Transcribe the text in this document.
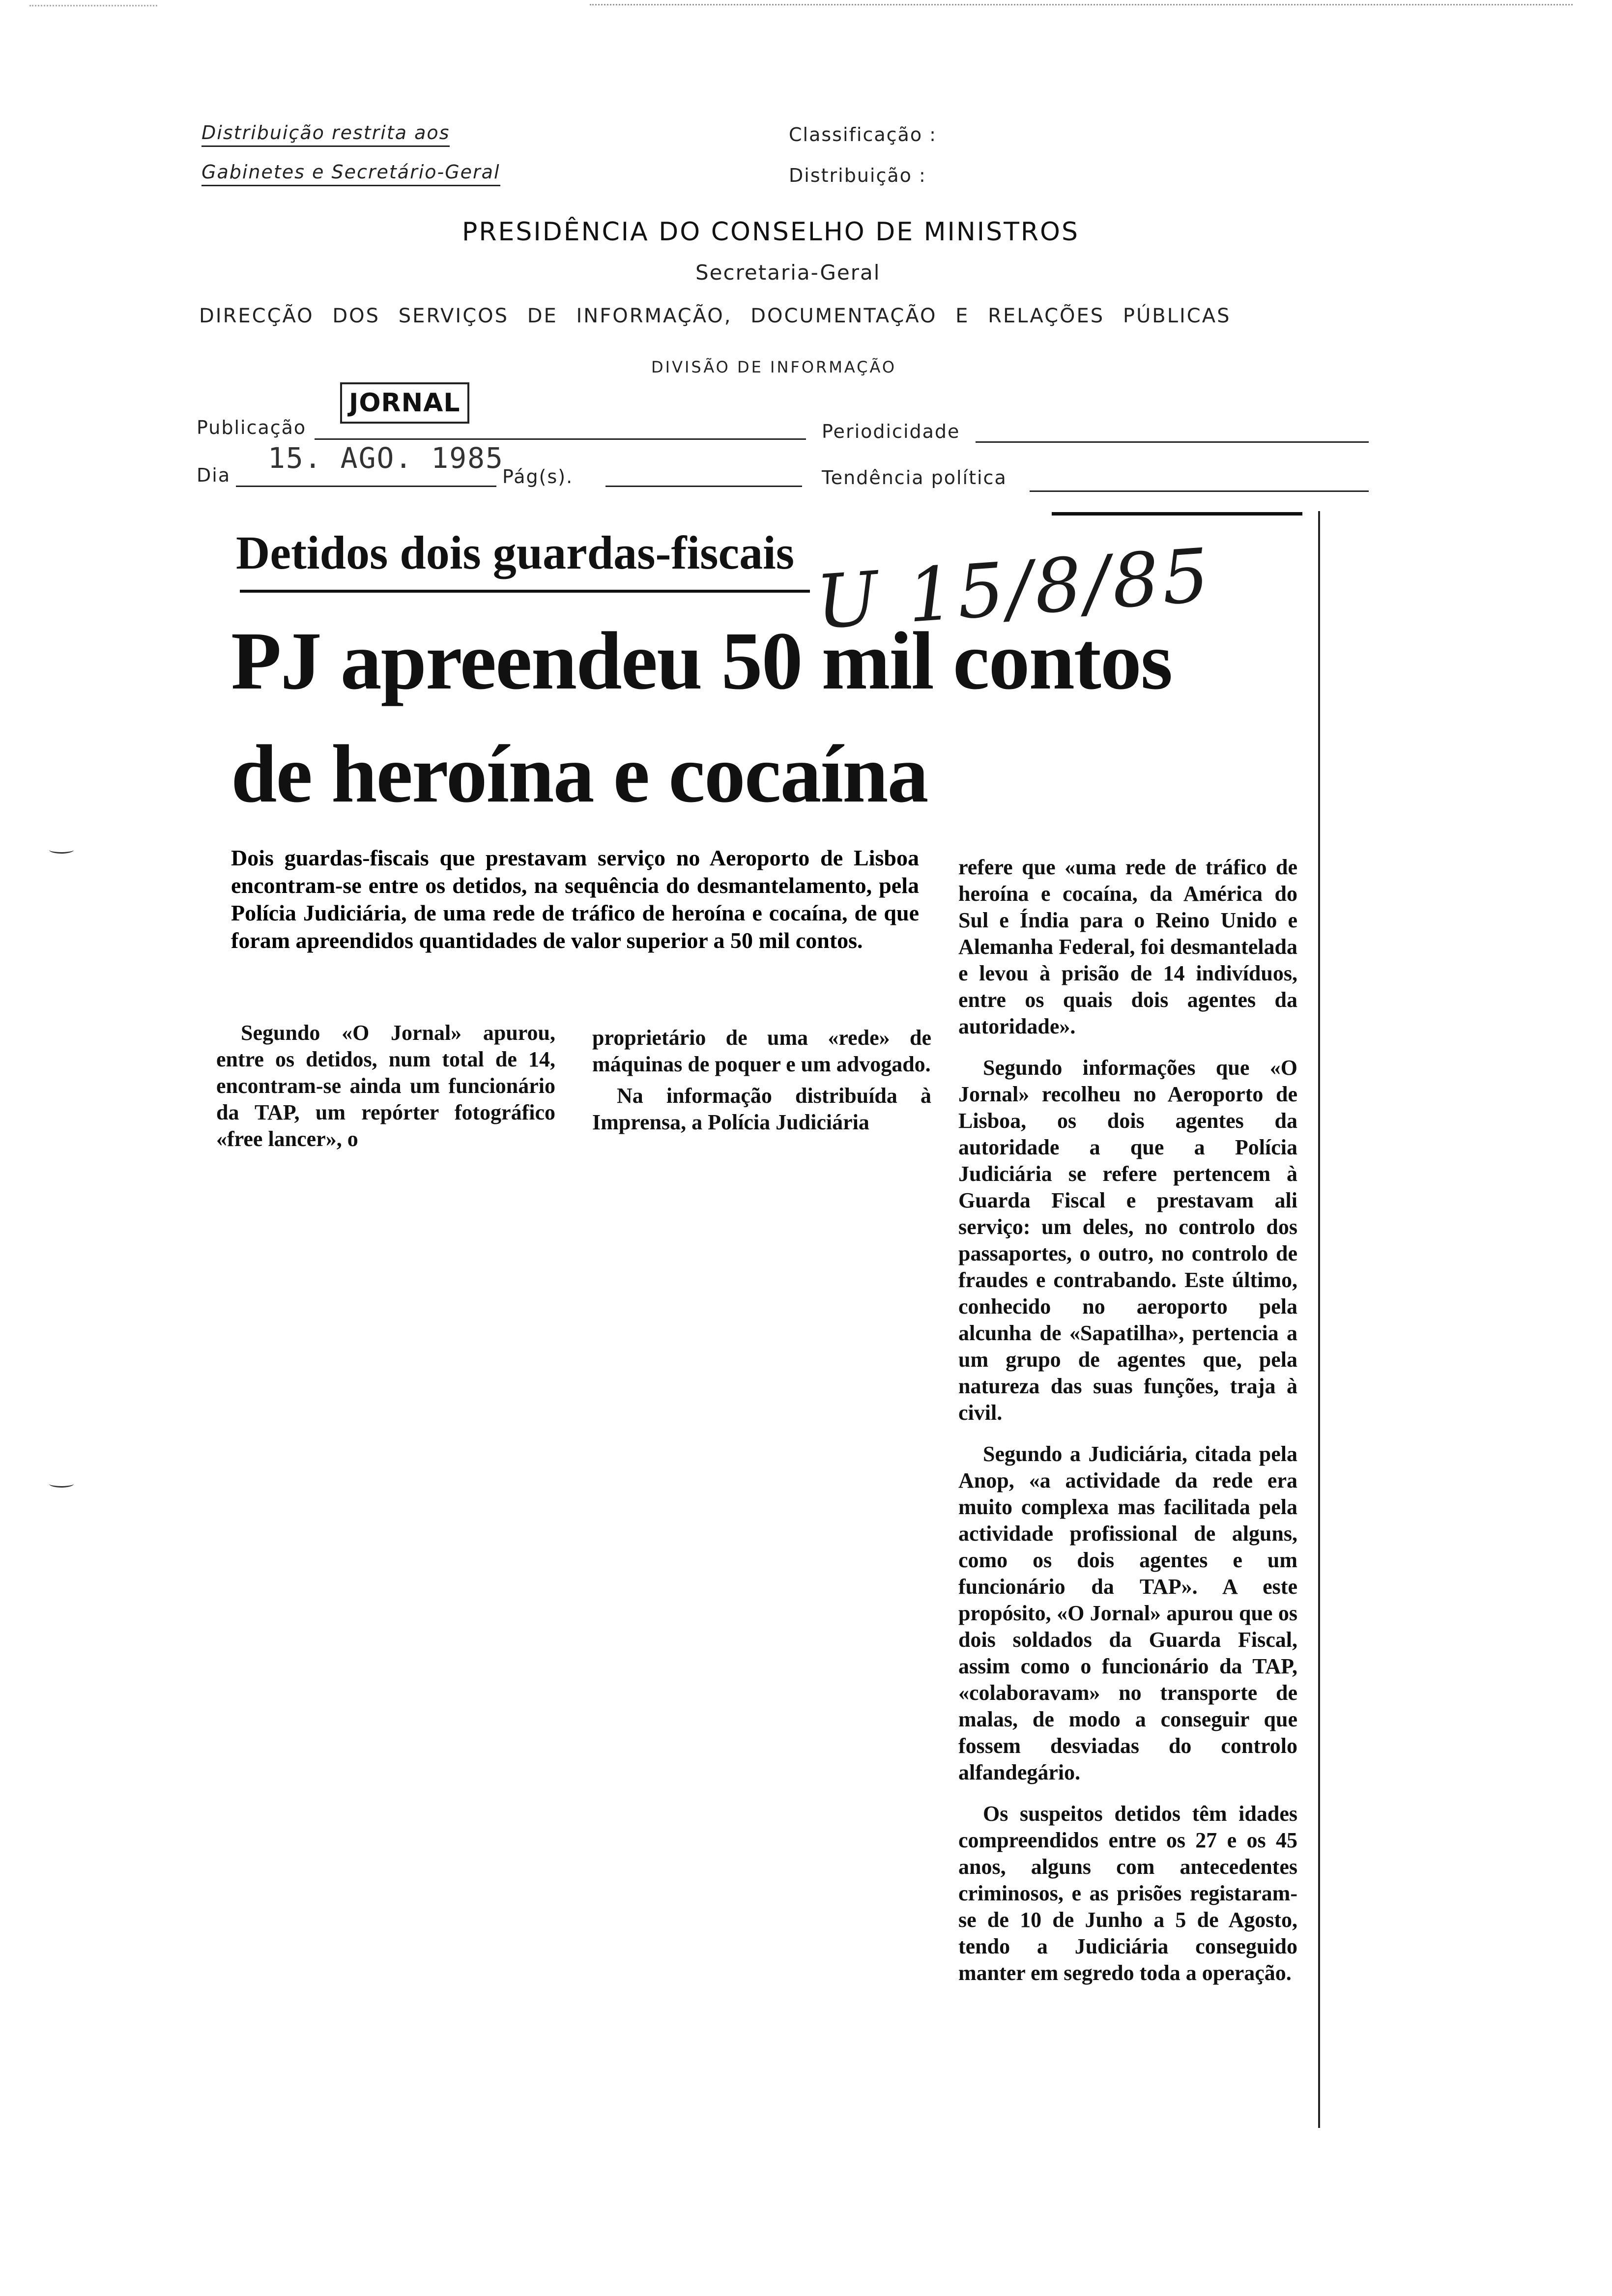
Distribuição restrita aos
Gabinetes e Secretário-Geral
Classificação :
Distribuição :
PRESIDÊNCIA DO CONSELHO DE MINISTROS
Secretaria-Geral
DIRECÇÃO DOS SERVIÇOS DE INFORMAÇÃO, DOCUMENTAÇÃO E RELAÇÕES PÚBLICAS
DIVISÃO DE INFORMAÇÃO
Publicação
JORNAL
Periodicidade
Dia
15. AGO. 1985
Pág(s).	Tendência política
U 15/8/85
Detidos dois guardas-fiscais
PJ apreendeu 50 mil contos
de heroína e cocaína
Dois guardas-fiscais que prestavam serviço no Aeroporto de Lisboa encontram-se entre os detidos, na sequência do desmantelamento, pela Polícia Judiciária, de uma rede de tráfico de heroína e cocaína, de que foram apreendidos quantidades de valor superior a 50 mil contos.

Segundo «O Jornal» apurou, entre os detidos, num total de 14, encontram-se ainda um funcionário da TAP, um repórter fotográfico «free lancer», o

proprietário de uma «rede» de máquinas de poquer e um advogado.

Na informação distribuída à Imprensa, a Polícia Judiciária

refere que «uma rede de tráfico de heroína e cocaína, da América do Sul e Índia para o Reino Unido e Alemanha Federal, foi desmantelada e levou à prisão de 14 indivíduos, entre os quais dois agentes da autoridade».

Segundo informações que «O Jornal» recolheu no Aeroporto de Lisboa, os dois agentes da autoridade a que a Polícia Judiciária se refere pertencem à Guarda Fiscal e prestavam ali serviço: um deles, no controlo dos passaportes, o outro, no controlo de fraudes e contrabando. Este último, conhecido no aeroporto pela alcunha de «Sapatilha», pertencia a um grupo de agentes que, pela natureza das suas funções, traja à civil.

Segundo a Judiciária, citada pela Anop, «a actividade da rede era muito complexa mas facilitada pela actividade profissional de alguns, como os dois agentes e um funcionário da TAP». A este propósito, «O Jornal» apurou que os dois soldados da Guarda Fiscal, assim como o funcionário da TAP, «colaboravam» no transporte de malas, de modo a conseguir que fossem desviadas do controlo alfandegário.

Os suspeitos detidos têm idades compreendidos entre os 27 e os 45 anos, alguns com antecedentes criminosos, e as prisões registaram-se de 10 de Junho a 5 de Agosto, tendo a Judiciária conseguido manter em segredo toda a operação.
